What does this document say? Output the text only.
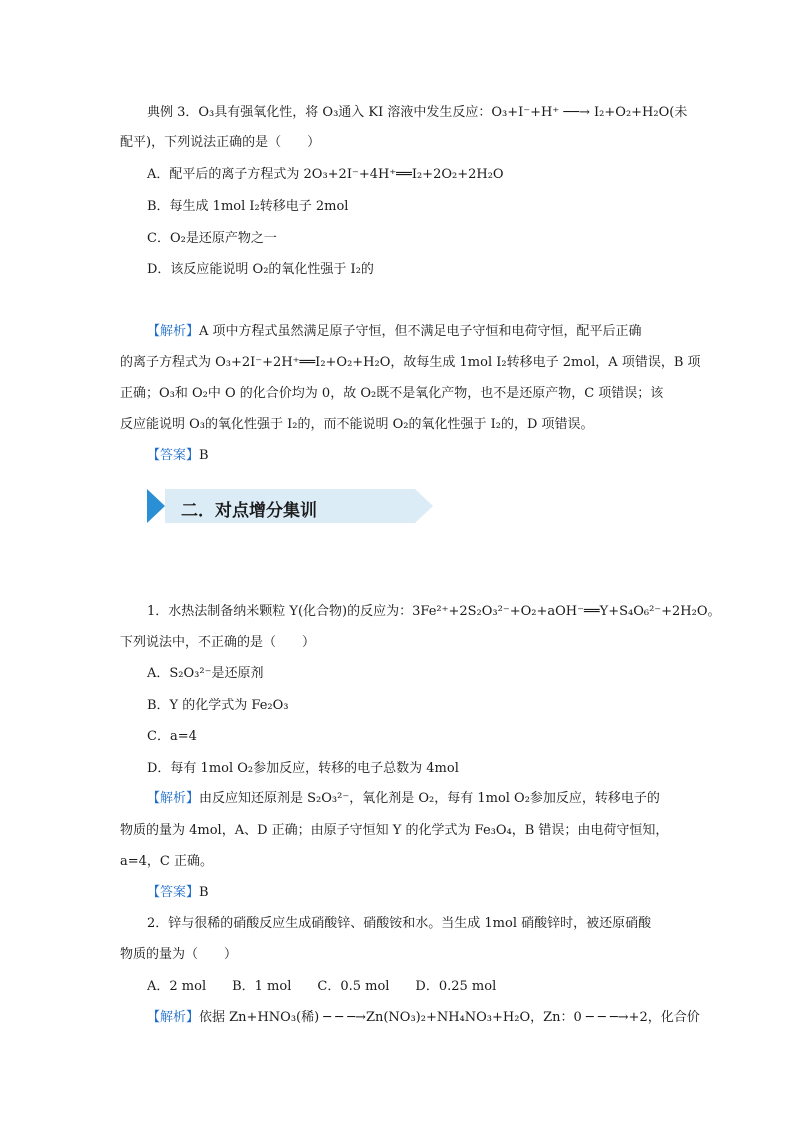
典例 3．O₃具有强氧化性，将 O₃通入 KI 溶液中发生反应：O₃+I⁻+H⁺ ──→ I₂+O₂+H₂O(未
配平)，下列说法正确的是（　　）
A．配平后的离子方程式为 2O₃+2I⁻+4H⁺══I₂+2O₂+2H₂O
B．每生成 1mol I₂转移电子 2mol
C．O₂是还原产物之一
D．该反应能说明 O₂的氧化性强于 I₂的
【解析】A 项中方程式虽然满足原子守恒，但不满足电子守恒和电荷守恒，配平后正确
的离子方程式为 O₃+2I⁻+2H⁺══I₂+O₂+H₂O，故每生成 1mol I₂转移电子 2mol，A 项错误，B 项
正确；O₃和 O₂中 O 的化合价均为 0，故 O₂既不是氧化产物，也不是还原产物，C 项错误；该
反应能说明 O₃的氧化性强于 I₂的，而不能说明 O₂的氧化性强于 I₂的，D 项错误。
【答案】B
二．对点增分集训
1．水热法制备纳米颗粒 Y(化合物)的反应为：3Fe²⁺+2S₂O₃²⁻+O₂+aOH⁻══Y+S₄O₆²⁻+2H₂O。
下列说法中，不正确的是（　　）
A．S₂O₃²⁻是还原剂
B．Y 的化学式为 Fe₂O₃
C．a=4
D．每有 1mol O₂参加反应，转移的电子总数为 4mol
【解析】由反应知还原剂是 S₂O₃²⁻，氧化剂是 O₂，每有 1mol O₂参加反应，转移电子的
物质的量为 4mol，A、D 正确；由原子守恒知 Y 的化学式为 Fe₃O₄，B 错误；由电荷守恒知，
a=4，C 正确。
【答案】B
2．锌与很稀的硝酸反应生成硝酸锌、硝酸铵和水。当生成 1mol 硝酸锌时，被还原硝酸
物质的量为（　　）
A．2 mol　　B．1 mol　　C．0.5 mol　　D．0.25 mol
【解析】依据 Zn+HNO₃(稀) ─ ─ ─→Zn(NO₃)₂+NH₄NO₃+H₂O，Zn：0 ─ ─ ─→+2，化合价
